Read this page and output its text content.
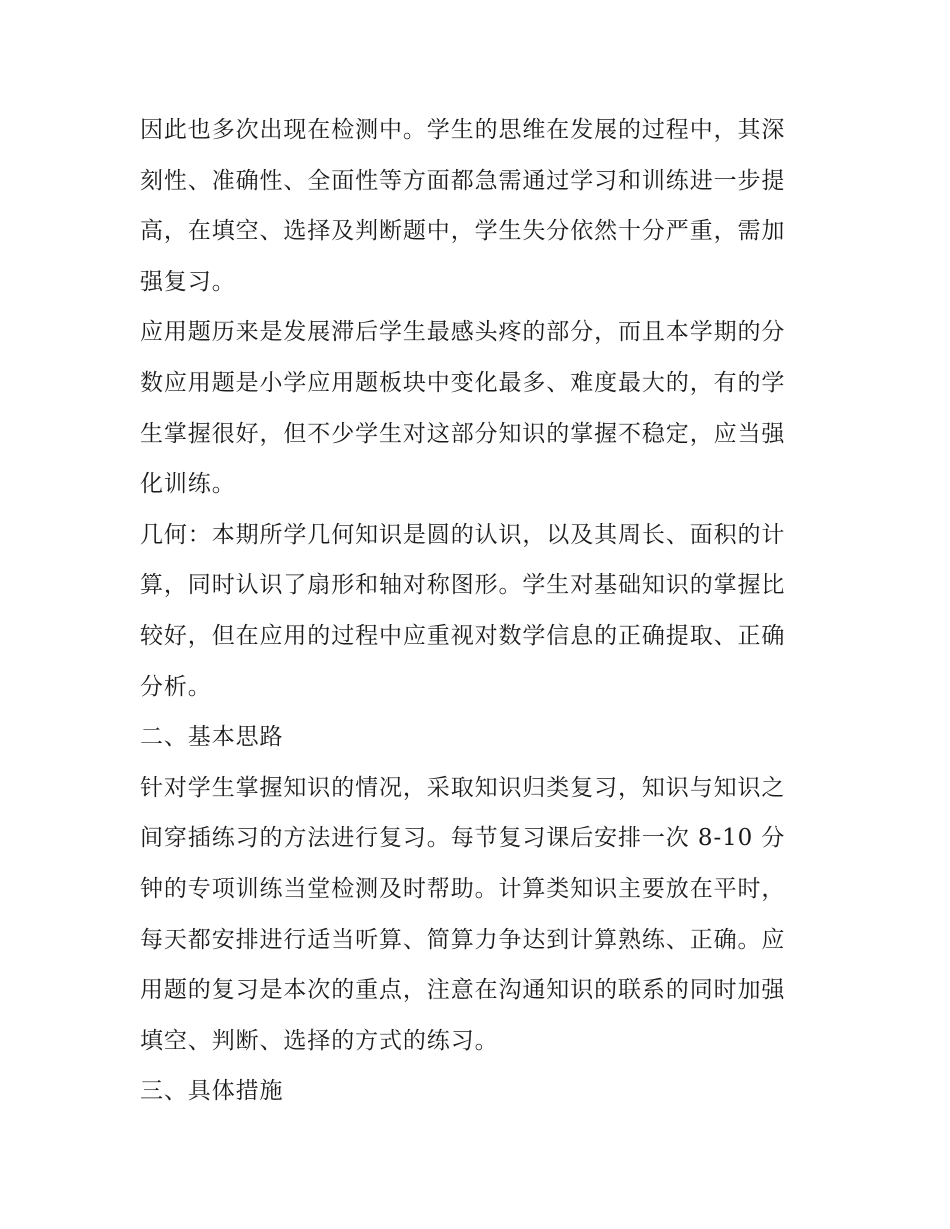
因此也多次出现在检测中。学生的思维在发展的过程中，其深
刻性、准确性、全面性等方面都急需通过学习和训练进一步提
高，在填空、选择及判断题中，学生失分依然十分严重，需加
强复习。
应用题历来是发展滞后学生最感头疼的部分，而且本学期的分
数应用题是小学应用题板块中变化最多、难度最大的，有的学
生掌握很好，但不少学生对这部分知识的掌握不稳定，应当强
化训练。
几何：本期所学几何知识是圆的认识，以及其周长、面积的计
算，同时认识了扇形和轴对称图形。学生对基础知识的掌握比
较好，但在应用的过程中应重视对数学信息的正确提取、正确
分析。
二、基本思路
针对学生掌握知识的情况，采取知识归类复习，知识与知识之
间穿插练习的方法进行复习。每节复习课后安排一次 8-10 分
钟的专项训练当堂检测及时帮助。计算类知识主要放在平时，
每天都安排进行适当听算、简算力争达到计算熟练、正确。应
用题的复习是本次的重点，注意在沟通知识的联系的同时加强
填空、判断、选择的方式的练习。
三、具体措施
